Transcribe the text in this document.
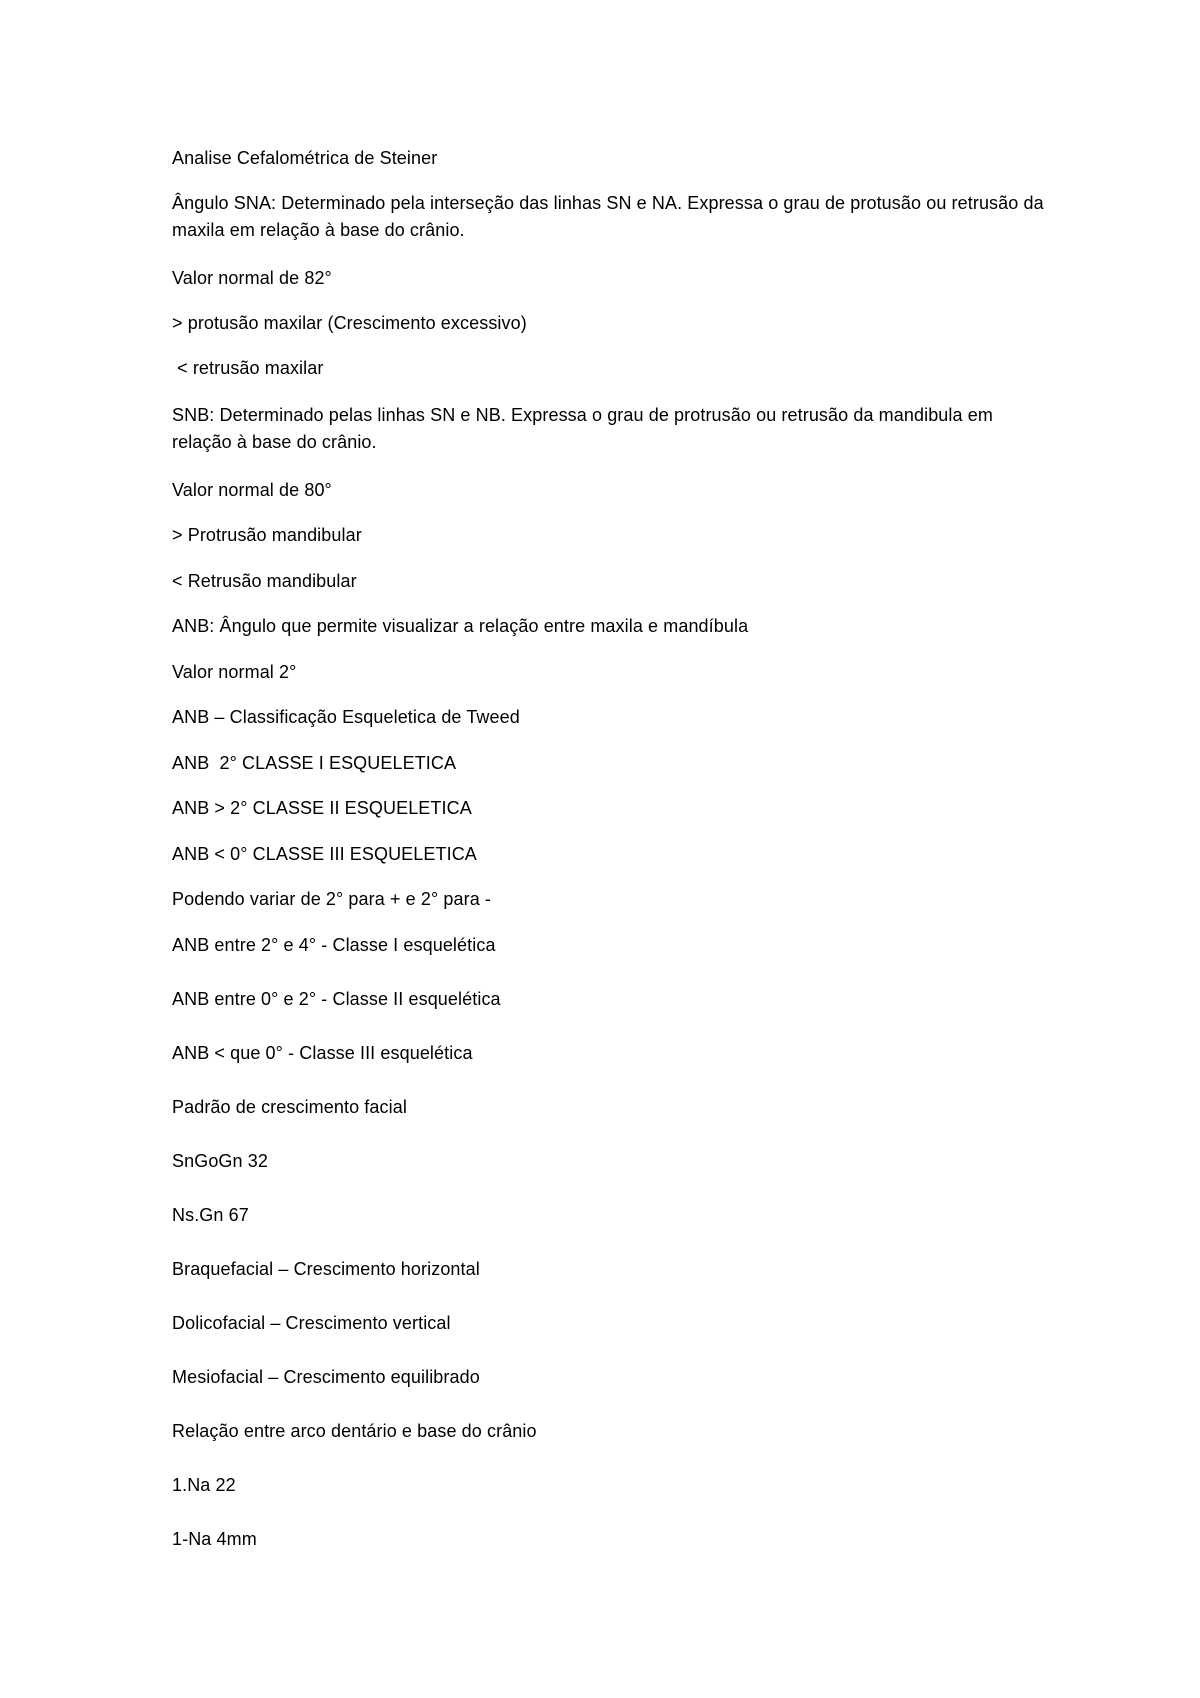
Analise Cefalométrica de Steiner
Ângulo SNA: Determinado pela interseção das linhas SN e NA. Expressa o grau de protusão ou retrusão da maxila em relação à base do crânio.
Valor normal de 82°
> protusão maxilar (Crescimento excessivo)
< retrusão maxilar
SNB: Determinado pelas linhas SN e NB. Expressa o grau de protrusão ou retrusão da mandibula em relação à base do crânio.
Valor normal de 80°
> Protrusão mandibular
< Retrusão mandibular
ANB: Ângulo que permite visualizar a relação entre maxila e mandíbula
Valor normal 2°
ANB – Classificação Esqueletica de Tweed
ANB  2° CLASSE I ESQUELETICA
ANB > 2° CLASSE II ESQUELETICA
ANB < 0° CLASSE III ESQUELETICA
Podendo variar de 2° para + e 2° para -
ANB entre 2° e 4° - Classe I esquelética
ANB entre 0° e 2° - Classe II esquelética
ANB < que 0° - Classe III esquelética
Padrão de crescimento facial
SnGoGn 32
Ns.Gn 67
Braquefacial – Crescimento horizontal
Dolicofacial – Crescimento vertical
Mesiofacial – Crescimento equilibrado
Relação entre arco dentário e base do crânio
1.Na 22
1-Na 4mm
